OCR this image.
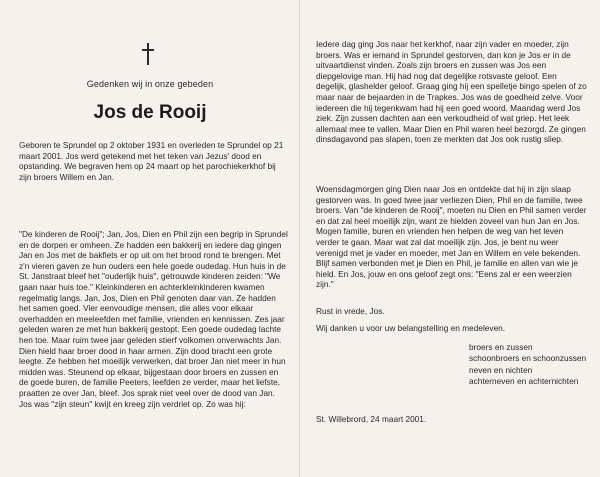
Gedenken wij in onze gebeden
Jos de Rooij

Geboren te Sprundel op 2 oktober 1931 en overleden te Sprundel op 21 maart 2001. Jos werd getekend met het teken van Jezus' dood en opstanding. We begraven hem op 24 maart op het parochiekerkhof bij zijn broers Willem en Jan.

"De kinderen de Rooij"; Jan, Jos, Dien en Phil zijn een begrip in Sprundel en de dorpen er omheen. Ze hadden een bakkerij en iedere dag gingen Jan en Jos met de bakfiets er op uit om het brood rond te brengen. Met z'n vieren gaven ze hun ouders een hele goede oudedag. Hun huis in de St. Janstraat bleef het "ouderlijk huis", getrouwde kinderen zeiden: "We gaan naar huis toe." Kleinkinderen en achterkleinkinderen kwamen regelmatig langs. Jan, Jos, Dien en Phil genoten daar van. Ze hadden het samen goed. Vier eenvoudige mensen, die alles voor elkaar overhadden en meeleefden met familie, vrienden en kennissen. Zes jaar geleden waren ze met hun bakkerij gestopt. Een goede oudedag lachte hen toe. Maar ruim twee jaar geleden stierf volkomen onverwachts Jan. Dien hield haar broer dood in haar armen. Zijn dood bracht een grote leegte. Ze hebben het moeilijk verwerken, dat broer Jan niet meer in hun midden was. Steunend op elkaar, bijgestaan door broers en zussen en de goede buren, de familie Peeters, leefden ze verder, maar het liefste, praatten ze over Jan, bleef. Jos sprak niet veel over de dood van Jan. Jos was "zijn steun" kwijt en kreeg zijn verdriet op. Zo was hij:

Iedere dag ging Jos naar het kerkhof, naar zijn vader en moeder, zijn broers. Was er iemand in Sprundel gestorven, dan kon je Jos er in de uitvaartdienst vinden. Zoals zijn broers en zussen was Jos een diepgelovige man. Hij had nog dat degelijke rotsvaste geloof. Een degelijk, glashelder geloof. Graag ging hij een spelletje bingo spelen of zo maar naar de bejaarden in de Trapkes. Jos was de goedheid zelve. Voor iedereen die hij tegenkwam had hij een goed woord. Maandag werd Jos ziek. Zijn zussen dachten aan een verkoudheid of wat griep. Het leek allemaal mee te vallen. Maar Dien en Phil waren heel bezorgd. Ze gingen dinsdagavond pas slapen, toen ze merkten dat Jos ook rustig sliep.

Woensdagmorgen ging Dien naar Jos en ontdekte dat hij in zijn slaap gestorven was. In goed twee jaar verliezen Dien, Phil en de familie, twee broers. Van "de kinderen de Rooij", moeten nu Dien en Phil samen verder en dat zal heel moeilijk zijn, want ze hielden zoveel van hun Jan en Jos. Mogen familie, buren en vrienden hen helpen de weg van het leven verder te gaan. Maar wat zal dat moeilijk zijn. Jos, je bent nu weer verenigd met je vader en moeder, met Jan en Willem en vele bekenden. Blijf samen verbonden met je Dien en Phil, je familie en allen van wie je hield. En Jos, jouw en ons geloof zegt ons: "Eens zal er een weerzien zijn."

Rust in vrede, Jos.

Wij danken u voor uw belangstelling en medeleven.

broers en zussen
schoonbroers en schoonzussen
neven en nichten
achterneven en achternichten
St. Willebrord, 24 maart 2001.
